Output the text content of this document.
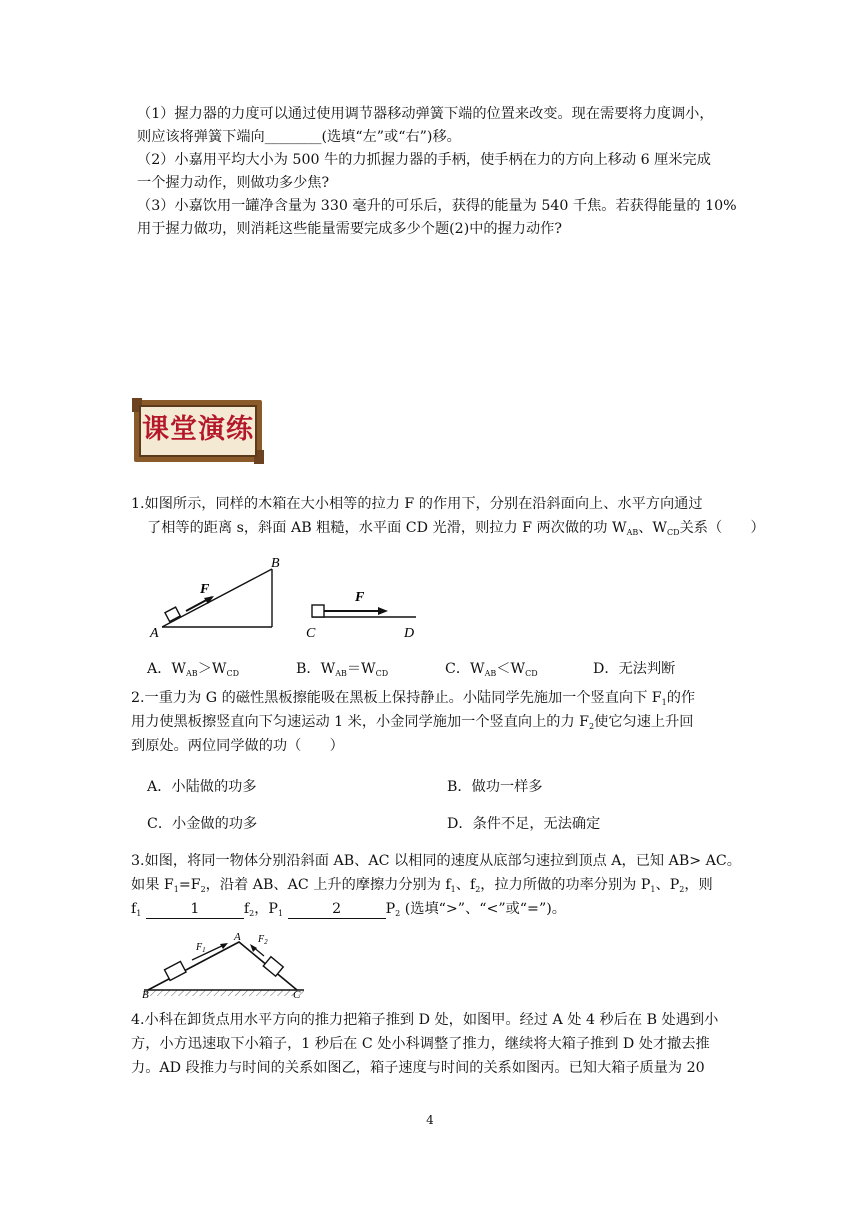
（1）握力器的力度可以通过使用调节器移动弹簧下端的位置来改变。现在需要将力度调小，
则应该将弹簧下端向________(选填“左”或“右”)移。
（2）小嘉用平均大小为 500 牛的力抓握力器的手柄，使手柄在力的方向上移动 6 厘米完成
一个握力动作，则做功多少焦?
（3）小嘉饮用一罐净含量为 330 毫升的可乐后，获得的能量为 540 千焦。若获得能量的 10%
用于握力做功，则消耗这些能量需要完成多少个题(2)中的握力动作?
课堂演练
1.如图所示，同样的木箱在大小相等的拉力 F 的作用下，分别在沿斜面向上、水平方向通过
了相等的距离 s，斜面 AB 粗糙，水平面 CD 光滑，则拉力 F 两次做的功 $W_{AB}$、$W_{CD}$关系（　　）
F
A
B
F
C	D
A．$W_{AB}>W_{CD}$	B．$W_{AB}=W_{CD}$	C．$W_{AB}<W_{CD}$	D．无法判断
2.一重力为 G 的磁性黑板擦能吸在黑板上保持静止。小陆同学先施加一个竖直向下 $F_1$的作
用力使黑板擦竖直向下匀速运动 1 米，小金同学施加一个竖直向上的力 $F_2$使它匀速上升回
到原处。两位同学做的功（　　）
A．小陆做的功多	B．做功一样多
C．小金做的功多	D．条件不足，无法确定
3.如图，将同一物体分别沿斜面 AB、AC 以相同的速度从底部匀速拉到顶点 A，已知 AB> AC。
如果 $F_1=F_2$，沿着 AB、AC 上升的摩擦力分别为 $f_1$、$f_2$，拉力所做的功率分别为 $P_1$、$P_2$，则
$f_1$	1	$f_2$，$P_1$	2	$P_2$ (选填“>”、“<”或“=”)。
$F_1$
$F_2$
A
B	C
4.小科在卸货点用水平方向的推力把箱子推到 D 处，如图甲。经过 A 处 4 秒后在 B 处遇到小
方，小方迅速取下小箱子，1 秒后在 C 处小科调整了推力，继续将大箱子推到 D 处才撤去推
力。AD 段推力与时间的关系如图乙，箱子速度与时间的关系如图丙。已知大箱子质量为 20
4
